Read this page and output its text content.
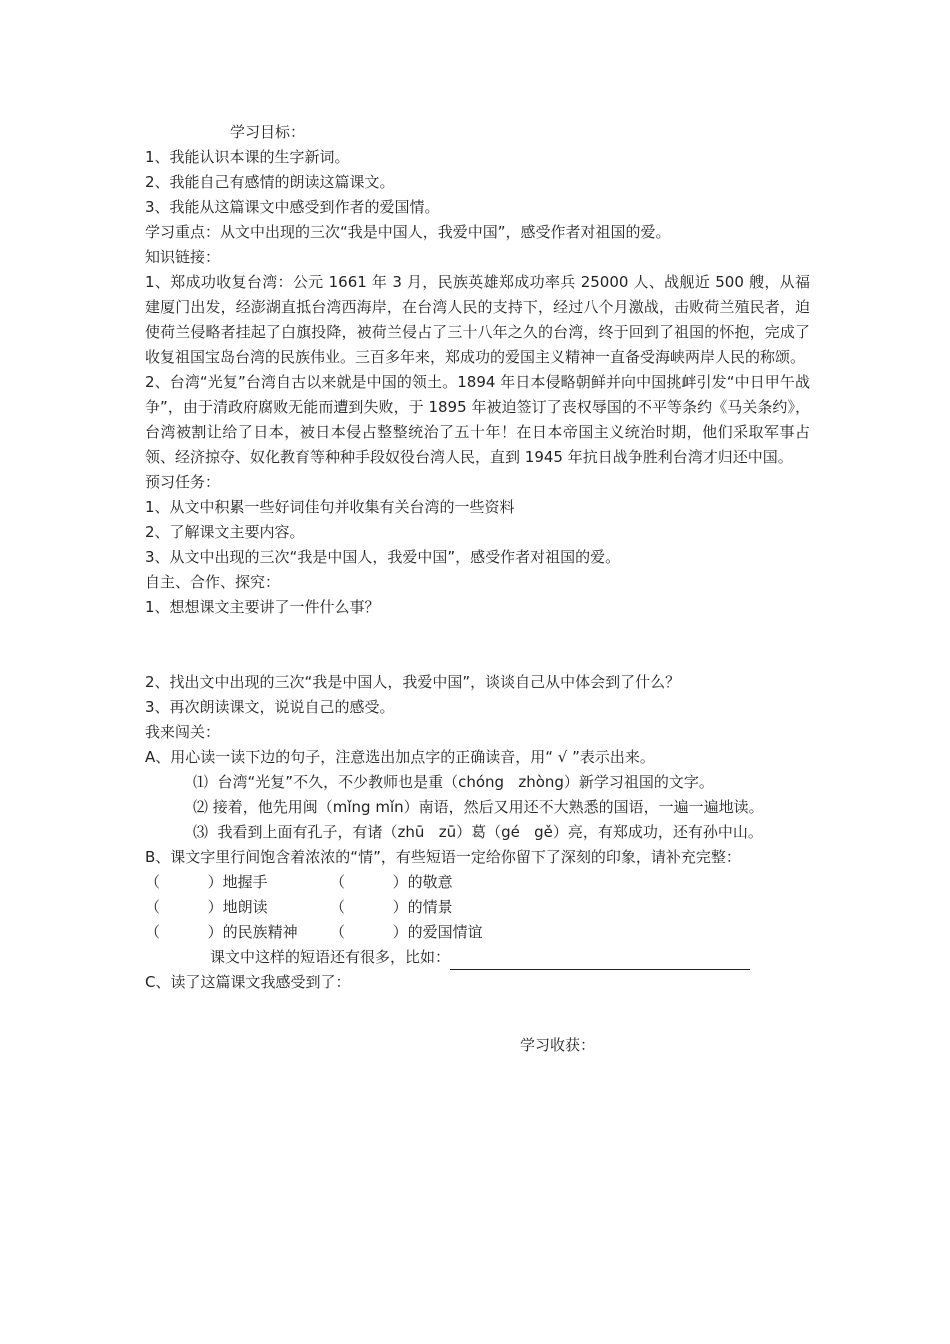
学习目标：
1、我能认识本课的生字新词。
2、我能自己有感情的朗读这篇课文。
3、我能从这篇课文中感受到作者的爱国情。
学习重点：从文中出现的三次“我是中国人，我爱中国”，感受作者对祖国的爱。
知识链接：
1、郑成功收复台湾：公元 1661 年 3 月，民族英雄郑成功率兵 25000 人、战舰近 500 艘，从福建厦门出发，经澎湖直抵台湾西海岸，在台湾人民的支持下，经过八个月激战，击败荷兰殖民者，迫使荷兰侵略者挂起了白旗投降，被荷兰侵占了三十八年之久的台湾，终于回到了祖国的怀抱，完成了收复祖国宝岛台湾的民族伟业。三百多年来，郑成功的爱国主义精神一直备受海峡两岸人民的称颂。
2、台湾“光复”台湾自古以来就是中国的领土。1894 年日本侵略朝鲜并向中国挑衅引发“中日甲午战争”，由于清政府腐败无能而遭到失败，于 1895 年被迫签订了丧权辱国的不平等条约《马关条约》，台湾被割让给了日本，被日本侵占整整统治了五十年！在日本帝国主义统治时期，他们采取军事占领、经济掠夺、奴化教育等种种手段奴役台湾人民，直到 1945 年抗日战争胜利台湾才归还中国。
预习任务：
1、从文中积累一些好词佳句并收集有关台湾的一些资料
2、了解课文主要内容。
3、从文中出现的三次“我是中国人，我爱中国”，感受作者对祖国的爱。
自主、合作、探究：
1、想想课文主要讲了一件什么事？
2、找出文中出现的三次“我是中国人，我爱中国”，谈谈自己从中体会到了什么？
3、再次朗读课文，说说自己的感受。
我来闯关：
A、用心读一读下边的句子，注意选出加点字的正确读音，用“ √ ”表示出来。
⑴  台湾“光复”不久，不少教师也是重（chóng   zhòng）新学习祖国的文字。
⑵ 接着，他先用闽（mǐng mǐn）南语，然后又用还不大熟悉的国语，一遍一遍地读。
⑶  我看到上面有孔子，有诸（zhū   zū）葛（gé   gě）亮，有郑成功，还有孙中山。
B、课文字里行间饱含着浓浓的“情”，有些短语一定给你留下了深刻的印象，请补充完整：
（          ）地握手	（          ）的敬意
（          ）地朗读	（          ）的情景
（          ）的民族精神	（          ）的爱国情谊
课文中这样的短语还有很多，比如：
C、读了这篇课文我感受到了：
学习收获：
